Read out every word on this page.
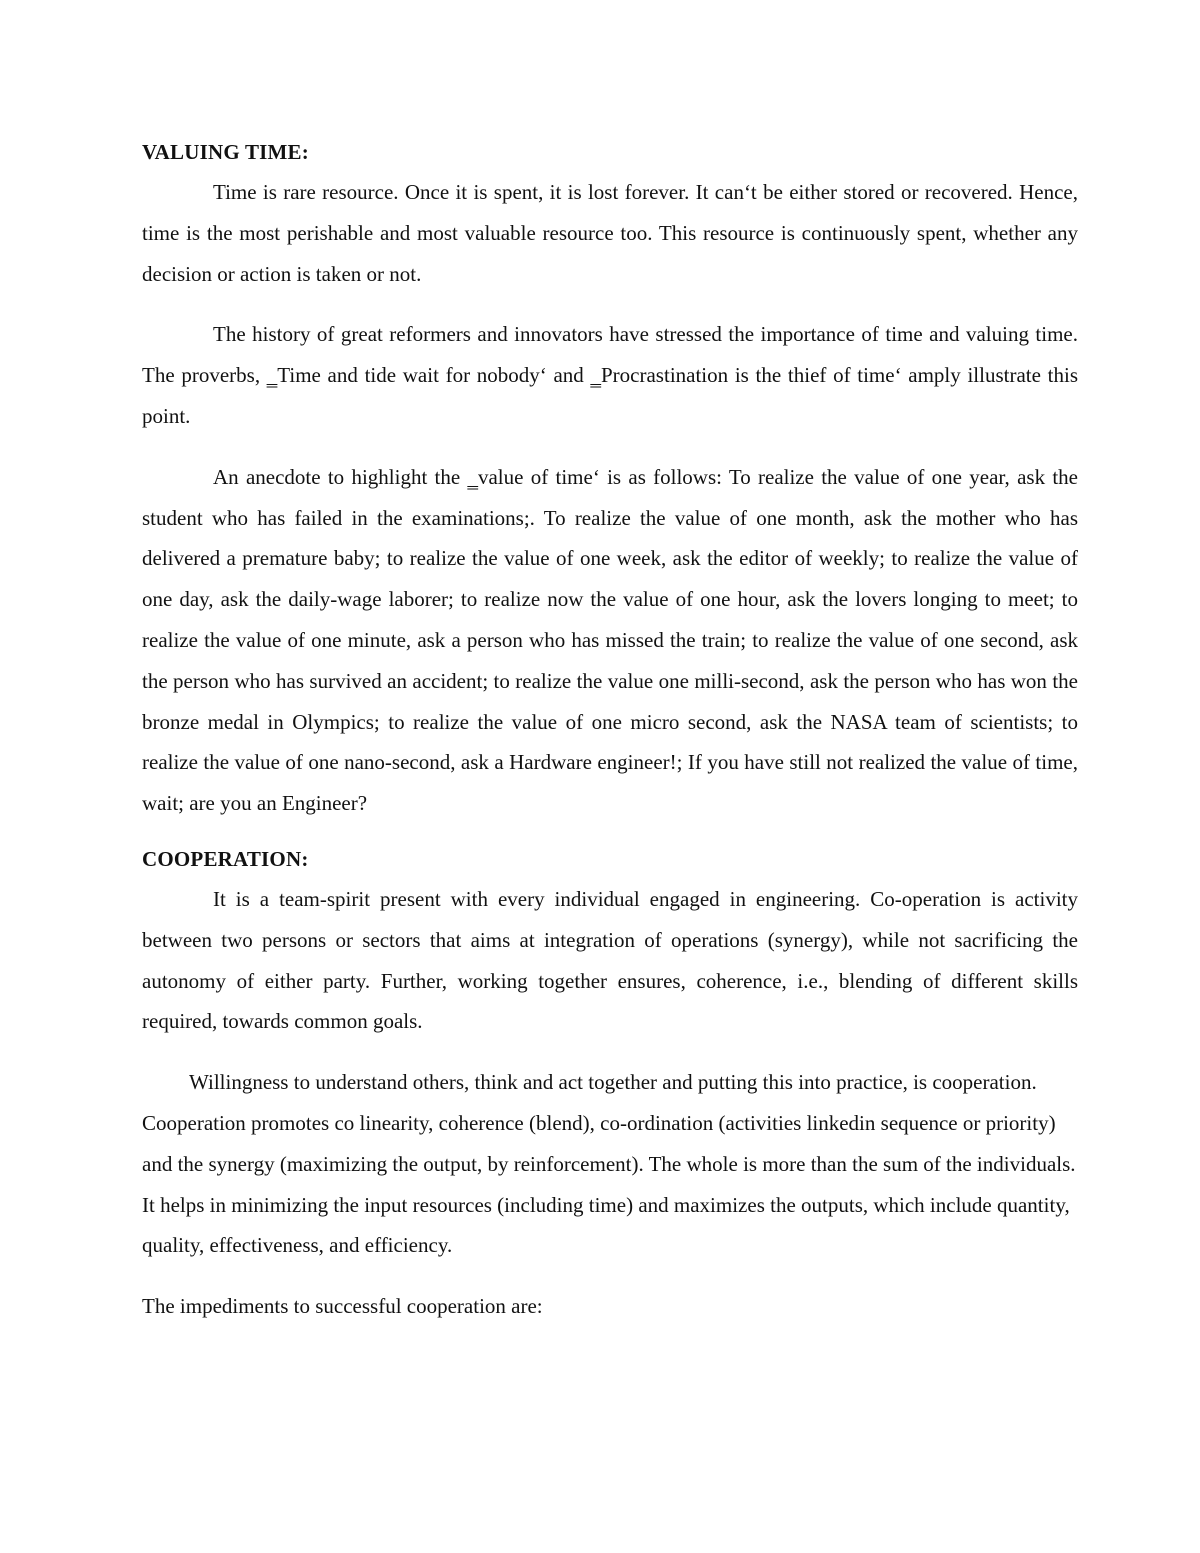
VALUING TIME:

Time is rare resource. Once it is spent, it is lost forever. It can‘t be either stored or recovered. Hence, time is the most perishable and most valuable resource too. This resource is continuously spent, whether any decision or action is taken or not.

The history of great reformers and innovators have stressed the importance of time and valuing time. The proverbs, ‗Time and tide wait for nobody‘ and ‗Procrastination is the thief of time‘ amply illustrate this point.

An anecdote to highlight the ‗value of time‘ is as follows: To realize the value of one year, ask the student who has failed in the examinations;. To realize the value of one month, ask the mother who has delivered a premature baby; to realize the value of one week, ask the editor of weekly; to realize the value of one day, ask the daily-wage laborer; to realize now the value of one hour, ask the lovers longing to meet; to realize the value of one minute, ask a person who has missed the train; to realize the value of one second, ask the person who has survived an accident; to realize the value one milli-second, ask the person who has won the bronze medal in Olympics; to realize the value of one micro second, ask the NASA team of scientists; to realize the value of one nano-second, ask a Hardware engineer!; If you have still not realized the value of time, wait; are you an Engineer?

COOPERATION:

It is a team-spirit present with every individual engaged in engineering. Co-operation is activity between two persons or sectors that aims at integration of operations (synergy), while not sacrificing the autonomy of either party. Further, working together ensures, coherence, i.e., blending of different skills required, towards common goals.

Willingness to understand others, think and act together and putting this into practice, is cooperation. Cooperation promotes co linearity, coherence (blend), co-ordination (activities linkedin sequence or priority) and the synergy (maximizing the output, by reinforcement). The whole is more than the sum of the individuals. It helps in minimizing the input resources (including time) and maximizes the outputs, which include quantity, quality, effectiveness, and efficiency.

The impediments to successful cooperation are:
